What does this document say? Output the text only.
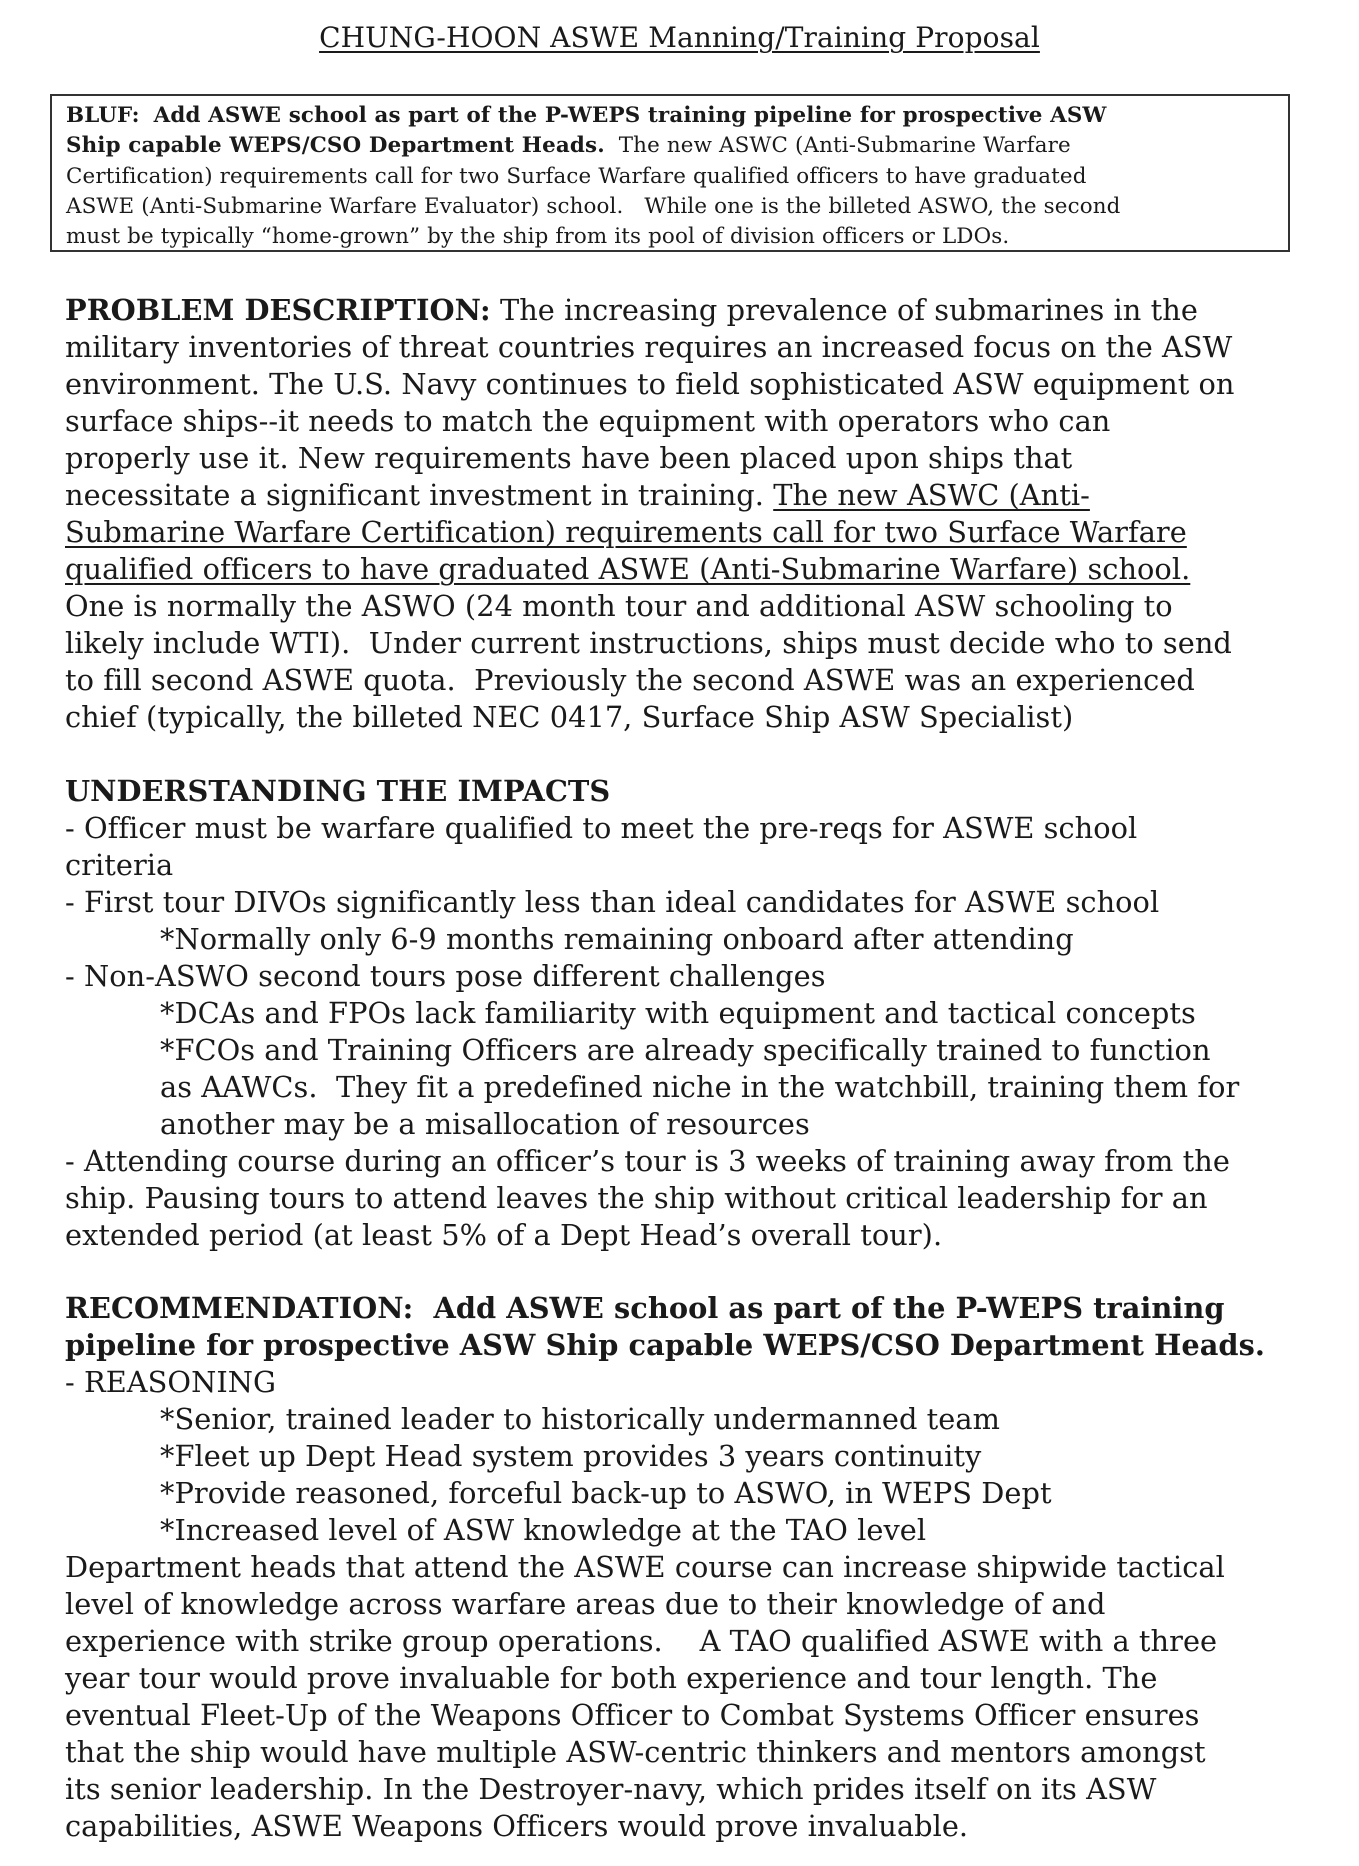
CHUNG-HOON ASWE Manning/Training Proposal
BLUF: Add ASWE school as part of the P-WEPS training pipeline for prospective ASW
Ship capable WEPS/CSO Department Heads. The new ASWC (Anti-Submarine Warfare
Certification) requirements call for two Surface Warfare qualified officers to have graduated
ASWE (Anti-Submarine Warfare Evaluator) school.   While one is the billeted ASWO, the second
must be typically “home-grown” by the ship from its pool of division officers or LDOs.
PROBLEM DESCRIPTION: The increasing prevalence of submarines in the
military inventories of threat countries requires an increased focus on the ASW
environment. The U.S. Navy continues to field sophisticated ASW equipment on
surface ships--it needs to match the equipment with operators who can
properly use it. New requirements have been placed upon ships that
necessitate a significant investment in training. The new ASWC (Anti-
Submarine Warfare Certification) requirements call for two Surface Warfare
qualified officers to have graduated ASWE (Anti-Submarine Warfare) school.
One is normally the ASWO (24 month tour and additional ASW schooling to
likely include WTI).  Under current instructions, ships must decide who to send
to fill second ASWE quota.  Previously the second ASWE was an experienced
chief (typically, the billeted NEC 0417, Surface Ship ASW Specialist)
UNDERSTANDING THE IMPACTS
- Officer must be warfare qualified to meet the pre-reqs for ASWE school
criteria
- First tour DIVOs significantly less than ideal candidates for ASWE school
*Normally only 6-9 months remaining onboard after attending
- Non-ASWO second tours pose different challenges
*DCAs and FPOs lack familiarity with equipment and tactical concepts
*FCOs and Training Officers are already specifically trained to function
as AAWCs.  They fit a predefined niche in the watchbill, training them for
another may be a misallocation of resources
- Attending course during an officer’s tour is 3 weeks of training away from the
ship. Pausing tours to attend leaves the ship without critical leadership for an
extended period (at least 5% of a Dept Head’s overall tour).
RECOMMENDATION:  Add ASWE school as part of the P-WEPS training
pipeline for prospective ASW Ship capable WEPS/CSO Department Heads.
- REASONING
*Senior, trained leader to historically undermanned team
*Fleet up Dept Head system provides 3 years continuity
*Provide reasoned, forceful back-up to ASWO, in WEPS Dept
*Increased level of ASW knowledge at the TAO level
Department heads that attend the ASWE course can increase shipwide tactical
level of knowledge across warfare areas due to their knowledge of and
experience with strike group operations.    A TAO qualified ASWE with a three
year tour would prove invaluable for both experience and tour length. The
eventual Fleet-Up of the Weapons Officer to Combat Systems Officer ensures
that the ship would have multiple ASW-centric thinkers and mentors amongst
its senior leadership. In the Destroyer-navy, which prides itself on its ASW
capabilities, ASWE Weapons Officers would prove invaluable.
